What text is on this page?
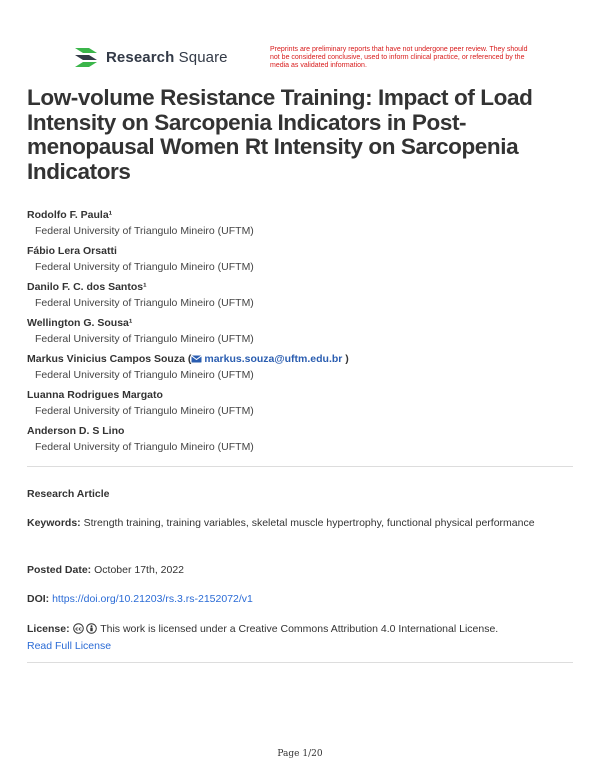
Research Square	Preprints are preliminary reports that have not undergone peer review. They should not be considered conclusive, used to inform clinical practice, or referenced by the media as validated information.
Low-volume Resistance Training: Impact of Load Intensity on Sarcopenia Indicators in Post-menopausal Women Rt Intensity on Sarcopenia Indicators
Rodolfo F. Paula¹
Federal University of Triangulo Mineiro (UFTM)
Fábio Lera Orsatti
Federal University of Triangulo Mineiro (UFTM)
Danilo F. C. dos Santos¹
Federal University of Triangulo Mineiro (UFTM)
Wellington G. Sousa¹
Federal University of Triangulo Mineiro (UFTM)
Markus Vinicius Campos Souza ( markus.souza@uftm.edu.br )
Federal University of Triangulo Mineiro (UFTM)
Luanna Rodrigues Margato
Federal University of Triangulo Mineiro (UFTM)
Anderson D. S Lino
Federal University of Triangulo Mineiro (UFTM)
Research Article
Keywords: Strength training, training variables, skeletal muscle hypertrophy, functional physical performance
Posted Date: October 17th, 2022
DOI: https://doi.org/10.21203/rs.3.rs-2152072/v1
License: cc This work is licensed under a Creative Commons Attribution 4.0 International License.
Read Full License
Page 1/20
